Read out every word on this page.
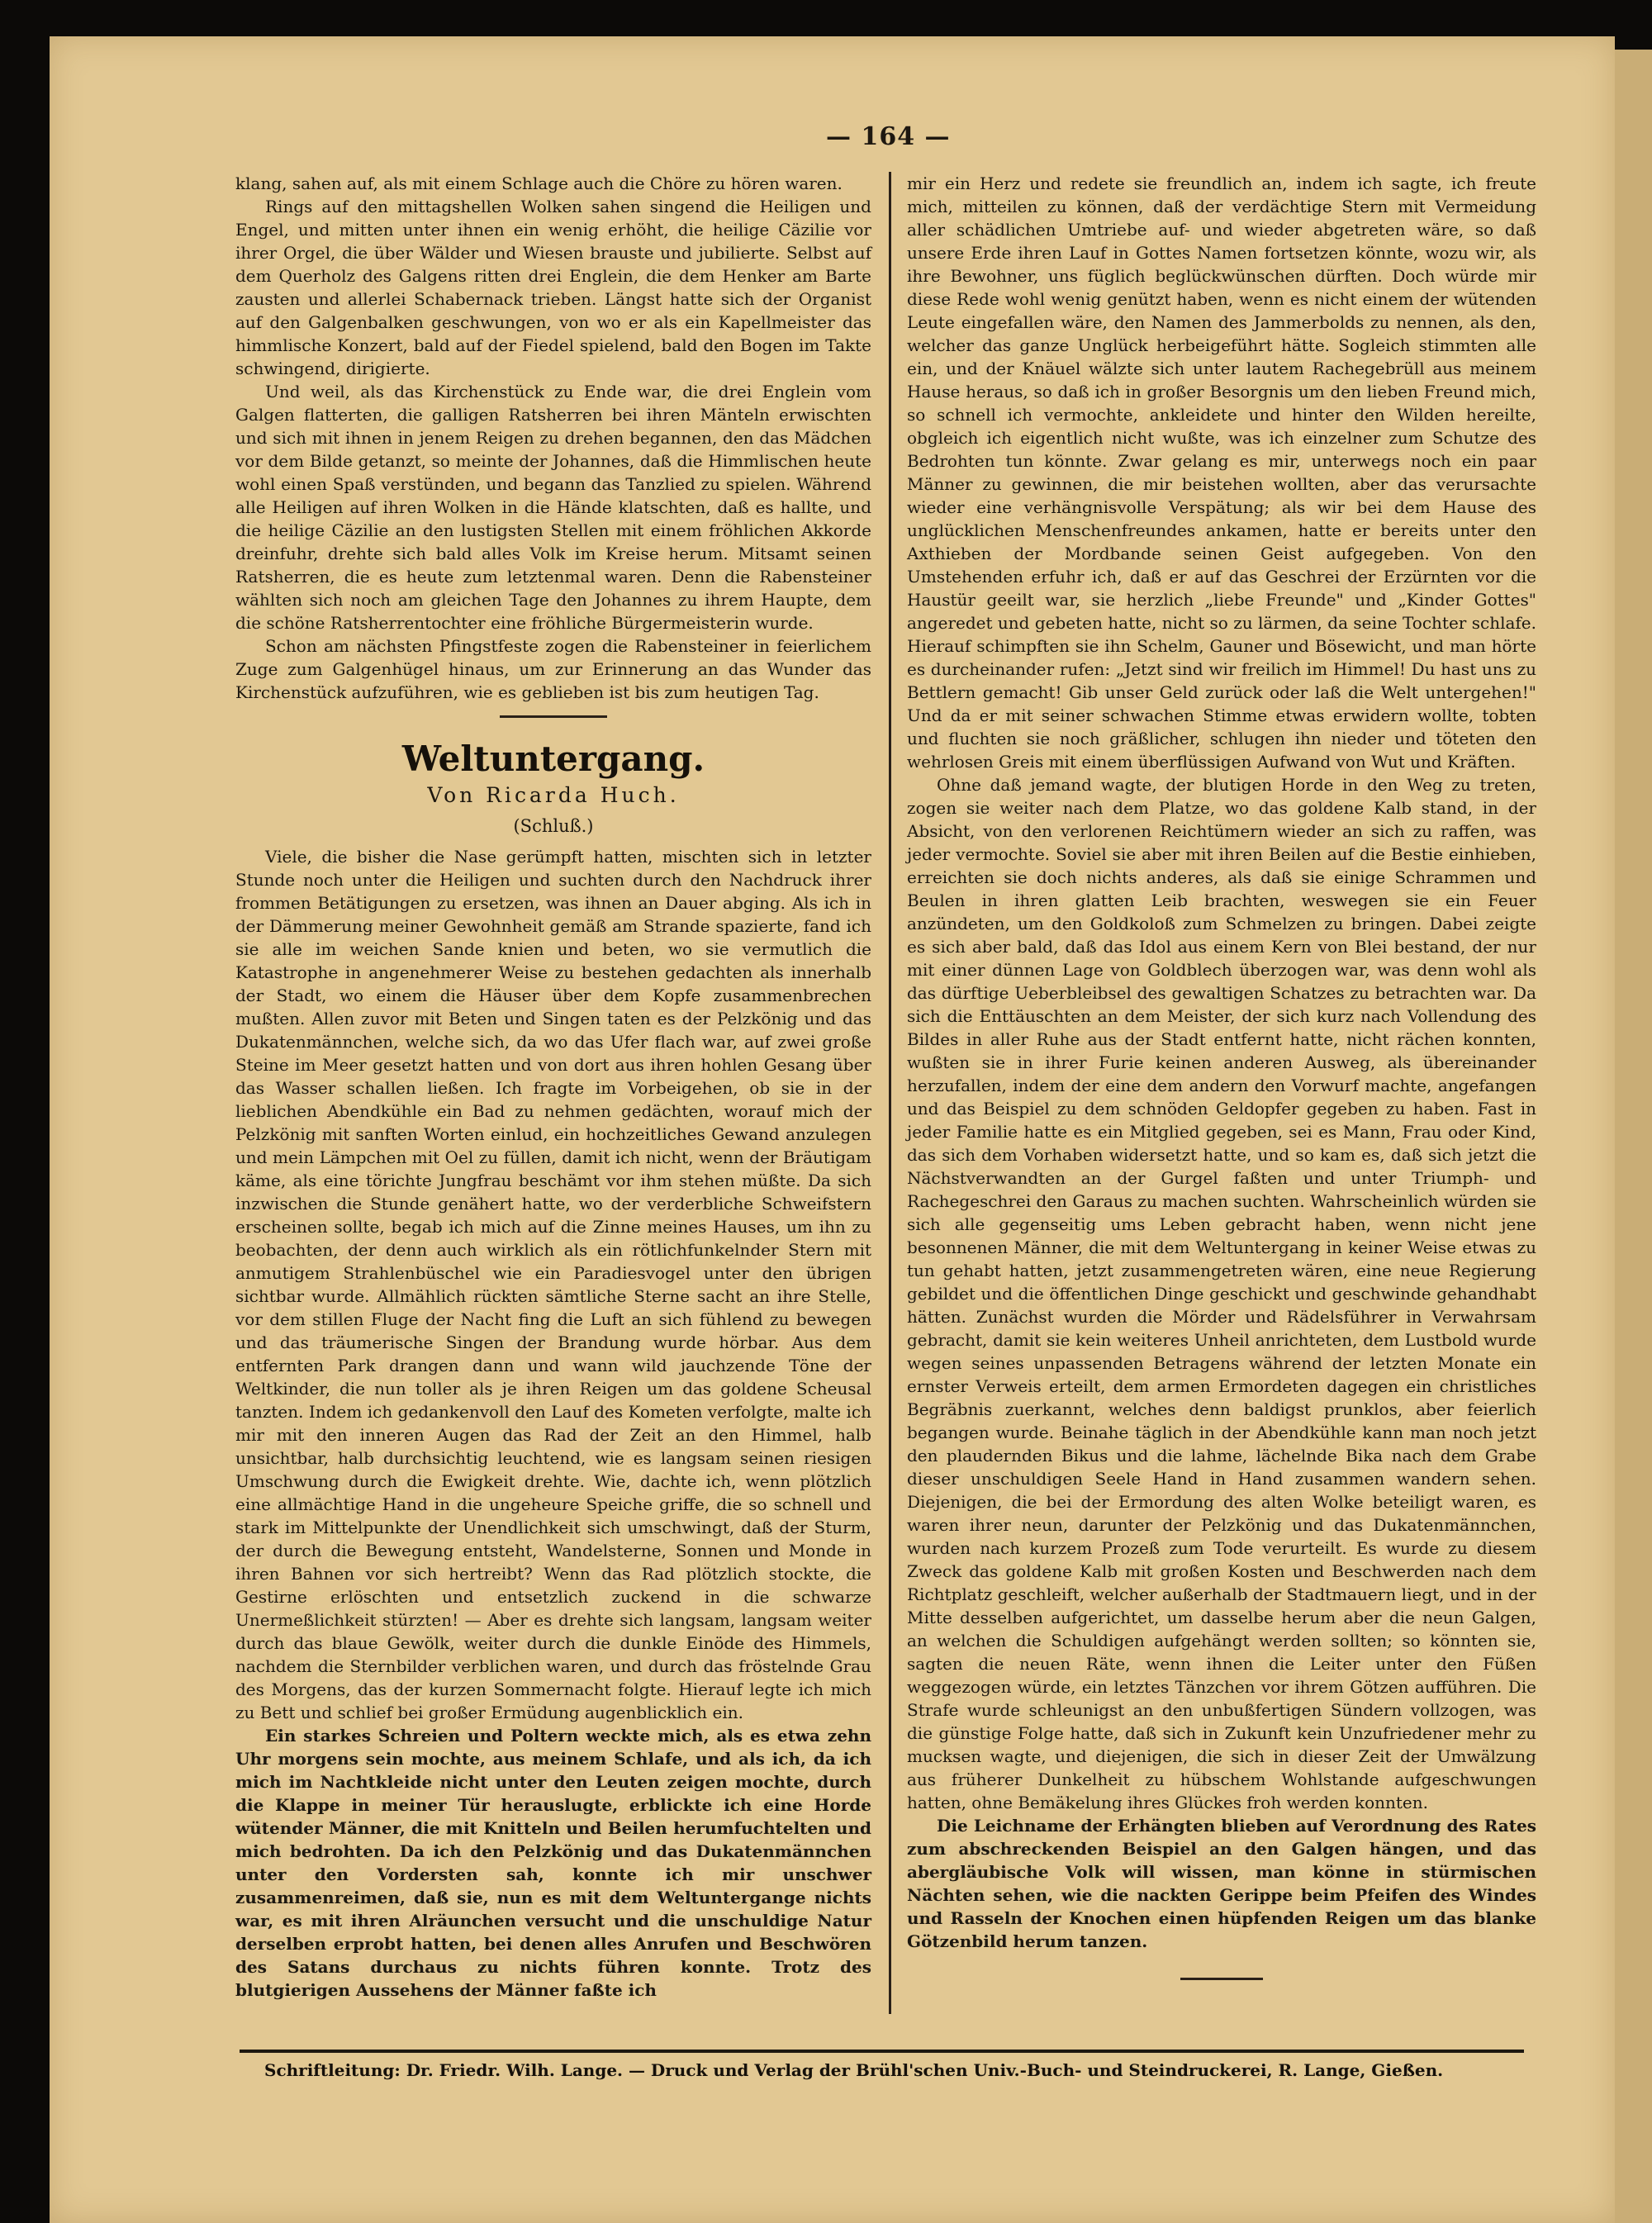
— 164 —

klang, sahen auf, als mit einem Schlage auch die Chöre zu hören waren.

Rings auf den mittagshellen Wolken sahen singend die Heiligen und Engel, und mitten unter ihnen ein wenig erhöht, die heilige Cäzilie vor ihrer Orgel, die über Wälder und Wiesen brauste und jubilierte. Selbst auf dem Querholz des Galgens ritten drei Englein, die dem Henker am Barte zausten und allerlei Schabernack trieben. Längst hatte sich der Organist auf den Galgenbalken geschwungen, von wo er als ein Kapellmeister das himmlische Konzert, bald auf der Fiedel spielend, bald den Bogen im Takte schwingend, dirigierte.

Und weil, als das Kirchenstück zu Ende war, die drei Englein vom Galgen flatterten, die galligen Ratsherren bei ihren Mänteln erwischten und sich mit ihnen in jenem Reigen zu drehen begannen, den das Mädchen vor dem Bilde getanzt, so meinte der Johannes, daß die Himmlischen heute wohl einen Spaß verstünden, und begann das Tanzlied zu spielen. Während alle Heiligen auf ihren Wolken in die Hände klatschten, daß es hallte, und die heilige Cäzilie an den lustigsten Stellen mit einem fröhlichen Akkorde dreinfuhr, drehte sich bald alles Volk im Kreise herum. Mitsamt seinen Ratsherren, die es heute zum letztenmal waren. Denn die Rabensteiner wählten sich noch am gleichen Tage den Johannes zu ihrem Haupte, dem die schöne Ratsherrentochter eine fröhliche Bürgermeisterin wurde.

Schon am nächsten Pfingstfeste zogen die Rabensteiner in feierlichem Zuge zum Galgenhügel hinaus, um zur Erinnerung an das Wunder das Kirchenstück aufzuführen, wie es geblieben ist bis zum heutigen Tag.

Weltuntergang.

Von Ricarda Huch.

(Schluß.)

Viele, die bisher die Nase gerümpft hatten, mischten sich in letzter Stunde noch unter die Heiligen und suchten durch den Nachdruck ihrer frommen Betätigungen zu ersetzen, was ihnen an Dauer abging. Als ich in der Dämmerung meiner Gewohnheit gemäß am Strande spazierte, fand ich sie alle im weichen Sande knien und beten, wo sie vermutlich die Katastrophe in angenehmerer Weise zu bestehen gedachten als innerhalb der Stadt, wo einem die Häuser über dem Kopfe zusammenbrechen mußten. Allen zuvor mit Beten und Singen taten es der Pelzkönig und das Dukatenmännchen, welche sich, da wo das Ufer flach war, auf zwei große Steine im Meer gesetzt hatten und von dort aus ihren hohlen Gesang über das Wasser schallen ließen. Ich fragte im Vorbeigehen, ob sie in der lieblichen Abendkühle ein Bad zu nehmen gedächten, worauf mich der Pelzkönig mit sanften Worten einlud, ein hochzeitliches Gewand anzulegen und mein Lämpchen mit Oel zu füllen, damit ich nicht, wenn der Bräutigam käme, als eine törichte Jungfrau beschämt vor ihm stehen müßte. Da sich inzwischen die Stunde genähert hatte, wo der verderbliche Schweifstern erscheinen sollte, begab ich mich auf die Zinne meines Hauses, um ihn zu beobachten, der denn auch wirklich als ein rötlichfunkelnder Stern mit anmutigem Strahlenbüschel wie ein Paradiesvogel unter den übrigen sichtbar wurde. Allmählich rückten sämtliche Sterne sacht an ihre Stelle, vor dem stillen Fluge der Nacht fing die Luft an sich fühlend zu bewegen und das träumerische Singen der Brandung wurde hörbar. Aus dem entfernten Park drangen dann und wann wild jauchzende Töne der Weltkinder, die nun toller als je ihren Reigen um das goldene Scheusal tanzten. Indem ich gedankenvoll den Lauf des Kometen verfolgte, malte ich mir mit den inneren Augen das Rad der Zeit an den Himmel, halb unsichtbar, halb durchsichtig leuchtend, wie es langsam seinen riesigen Umschwung durch die Ewigkeit drehte. Wie, dachte ich, wenn plötzlich eine allmächtige Hand in die ungeheure Speiche griffe, die so schnell und stark im Mittelpunkte der Unendlichkeit sich umschwingt, daß der Sturm, der durch die Bewegung entsteht, Wandelsterne, Sonnen und Monde in ihren Bahnen vor sich hertreibt? Wenn das Rad plötzlich stockte, die Gestirne erlöschten und entsetzlich zuckend in die schwarze Unermeßlichkeit stürzten! — Aber es drehte sich langsam, langsam weiter durch das blaue Gewölk, weiter durch die dunkle Einöde des Himmels, nachdem die Sternbilder verblichen waren, und durch das fröstelnde Grau des Morgens, das der kurzen Sommernacht folgte. Hierauf legte ich mich zu Bett und schlief bei großer Ermüdung augenblicklich ein.

Ein starkes Schreien und Poltern weckte mich, als es etwa zehn Uhr morgens sein mochte, aus meinem Schlafe, und als ich, da ich mich im Nachtkleide nicht unter den Leuten zeigen mochte, durch die Klappe in meiner Tür herauslugte, erblickte ich eine Horde wütender Männer, die mit Knitteln und Beilen herumfuchtelten und mich bedrohten. Da ich den Pelzkönig und das Dukatenmännchen unter den Vordersten sah, konnte ich mir unschwer zusammenreimen, daß sie, nun es mit dem Weltuntergange nichts war, es mit ihren Alräunchen versucht und die unschuldige Natur derselben erprobt hatten, bei denen alles Anrufen und Beschwören des Satans durchaus zu nichts führen konnte. Trotz des blutgierigen Aussehens der Männer faßte ich

mir ein Herz und redete sie freundlich an, indem ich sagte, ich freute mich, mitteilen zu können, daß der verdächtige Stern mit Vermeidung aller schädlichen Umtriebe auf- und wieder abgetreten wäre, so daß unsere Erde ihren Lauf in Gottes Namen fortsetzen könnte, wozu wir, als ihre Bewohner, uns füglich beglückwünschen dürften. Doch würde mir diese Rede wohl wenig genützt haben, wenn es nicht einem der wütenden Leute eingefallen wäre, den Namen des Jammerbolds zu nennen, als den, welcher das ganze Unglück herbeigeführt hätte. Sogleich stimmten alle ein, und der Knäuel wälzte sich unter lautem Rachegebrüll aus meinem Hause heraus, so daß ich in großer Besorgnis um den lieben Freund mich, so schnell ich vermochte, ankleidete und hinter den Wilden hereilte, obgleich ich eigentlich nicht wußte, was ich einzelner zum Schutze des Bedrohten tun könnte. Zwar gelang es mir, unterwegs noch ein paar Männer zu gewinnen, die mir beistehen wollten, aber das verursachte wieder eine verhängnisvolle Verspätung; als wir bei dem Hause des unglücklichen Menschenfreundes ankamen, hatte er bereits unter den Axthieben der Mordbande seinen Geist aufgegeben. Von den Umstehenden erfuhr ich, daß er auf das Geschrei der Erzürnten vor die Haustür geeilt war, sie herzlich „liebe Freunde" und „Kinder Gottes" angeredet und gebeten hatte, nicht so zu lärmen, da seine Tochter schlafe. Hierauf schimpften sie ihn Schelm, Gauner und Bösewicht, und man hörte es durcheinander rufen: „Jetzt sind wir freilich im Himmel! Du hast uns zu Bettlern gemacht! Gib unser Geld zurück oder laß die Welt untergehen!" Und da er mit seiner schwachen Stimme etwas erwidern wollte, tobten und fluchten sie noch gräßlicher, schlugen ihn nieder und töteten den wehrlosen Greis mit einem überflüssigen Aufwand von Wut und Kräften.

Ohne daß jemand wagte, der blutigen Horde in den Weg zu treten, zogen sie weiter nach dem Platze, wo das goldene Kalb stand, in der Absicht, von den verlorenen Reichtümern wieder an sich zu raffen, was jeder vermochte. Soviel sie aber mit ihren Beilen auf die Bestie einhieben, erreichten sie doch nichts anderes, als daß sie einige Schrammen und Beulen in ihren glatten Leib brachten, weswegen sie ein Feuer anzündeten, um den Goldkoloß zum Schmelzen zu bringen. Dabei zeigte es sich aber bald, daß das Idol aus einem Kern von Blei bestand, der nur mit einer dünnen Lage von Goldblech überzogen war, was denn wohl als das dürftige Ueberbleibsel des gewaltigen Schatzes zu betrachten war. Da sich die Enttäuschten an dem Meister, der sich kurz nach Vollendung des Bildes in aller Ruhe aus der Stadt entfernt hatte, nicht rächen konnten, wußten sie in ihrer Furie keinen anderen Ausweg, als übereinander herzufallen, indem der eine dem andern den Vorwurf machte, angefangen und das Beispiel zu dem schnöden Geldopfer gegeben zu haben. Fast in jeder Familie hatte es ein Mitglied gegeben, sei es Mann, Frau oder Kind, das sich dem Vorhaben widersetzt hatte, und so kam es, daß sich jetzt die Nächstverwandten an der Gurgel faßten und unter Triumph- und Rachegeschrei den Garaus zu machen suchten. Wahrscheinlich würden sie sich alle gegenseitig ums Leben gebracht haben, wenn nicht jene besonnenen Männer, die mit dem Weltuntergang in keiner Weise etwas zu tun gehabt hatten, jetzt zusammengetreten wären, eine neue Regierung gebildet und die öffentlichen Dinge geschickt und geschwinde gehandhabt hätten. Zunächst wurden die Mörder und Rädelsführer in Verwahrsam gebracht, damit sie kein weiteres Unheil anrichteten, dem Lustbold wurde wegen seines unpassenden Betragens während der letzten Monate ein ernster Verweis erteilt, dem armen Ermordeten dagegen ein christliches Begräbnis zuerkannt, welches denn baldigst prunklos, aber feierlich begangen wurde. Beinahe täglich in der Abendkühle kann man noch jetzt den plaudernden Bikus und die lahme, lächelnde Bika nach dem Grabe dieser unschuldigen Seele Hand in Hand zusammen wandern sehen. Diejenigen, die bei der Ermordung des alten Wolke beteiligt waren, es waren ihrer neun, darunter der Pelzkönig und das Dukatenmännchen, wurden nach kurzem Prozeß zum Tode verurteilt. Es wurde zu diesem Zweck das goldene Kalb mit großen Kosten und Beschwerden nach dem Richtplatz geschleift, welcher außerhalb der Stadtmauern liegt, und in der Mitte desselben aufgerichtet, um dasselbe herum aber die neun Galgen, an welchen die Schuldigen aufgehängt werden sollten; so könnten sie, sagten die neuen Räte, wenn ihnen die Leiter unter den Füßen weggezogen würde, ein letztes Tänzchen vor ihrem Götzen aufführen. Die Strafe wurde schleunigst an den unbußfertigen Sündern vollzogen, was die günstige Folge hatte, daß sich in Zukunft kein Unzufriedener mehr zu mucksen wagte, und diejenigen, die sich in dieser Zeit der Umwälzung aus früherer Dunkelheit zu hübschem Wohlstande aufgeschwungen hatten, ohne Bemäkelung ihres Glückes froh werden konnten.

Die Leichname der Erhängten blieben auf Verordnung des Rates zum abschreckenden Beispiel an den Galgen hängen, und das abergläubische Volk will wissen, man könne in stürmischen Nächten sehen, wie die nackten Gerippe beim Pfeifen des Windes und Rasseln der Knochen einen hüpfenden Reigen um das blanke Götzenbild herum tanzen.

Schriftleitung: Dr. Friedr. Wilh. Lange. — Druck und Verlag der Brühl'schen Univ.-Buch- und Steindruckerei, R. Lange, Gießen.
